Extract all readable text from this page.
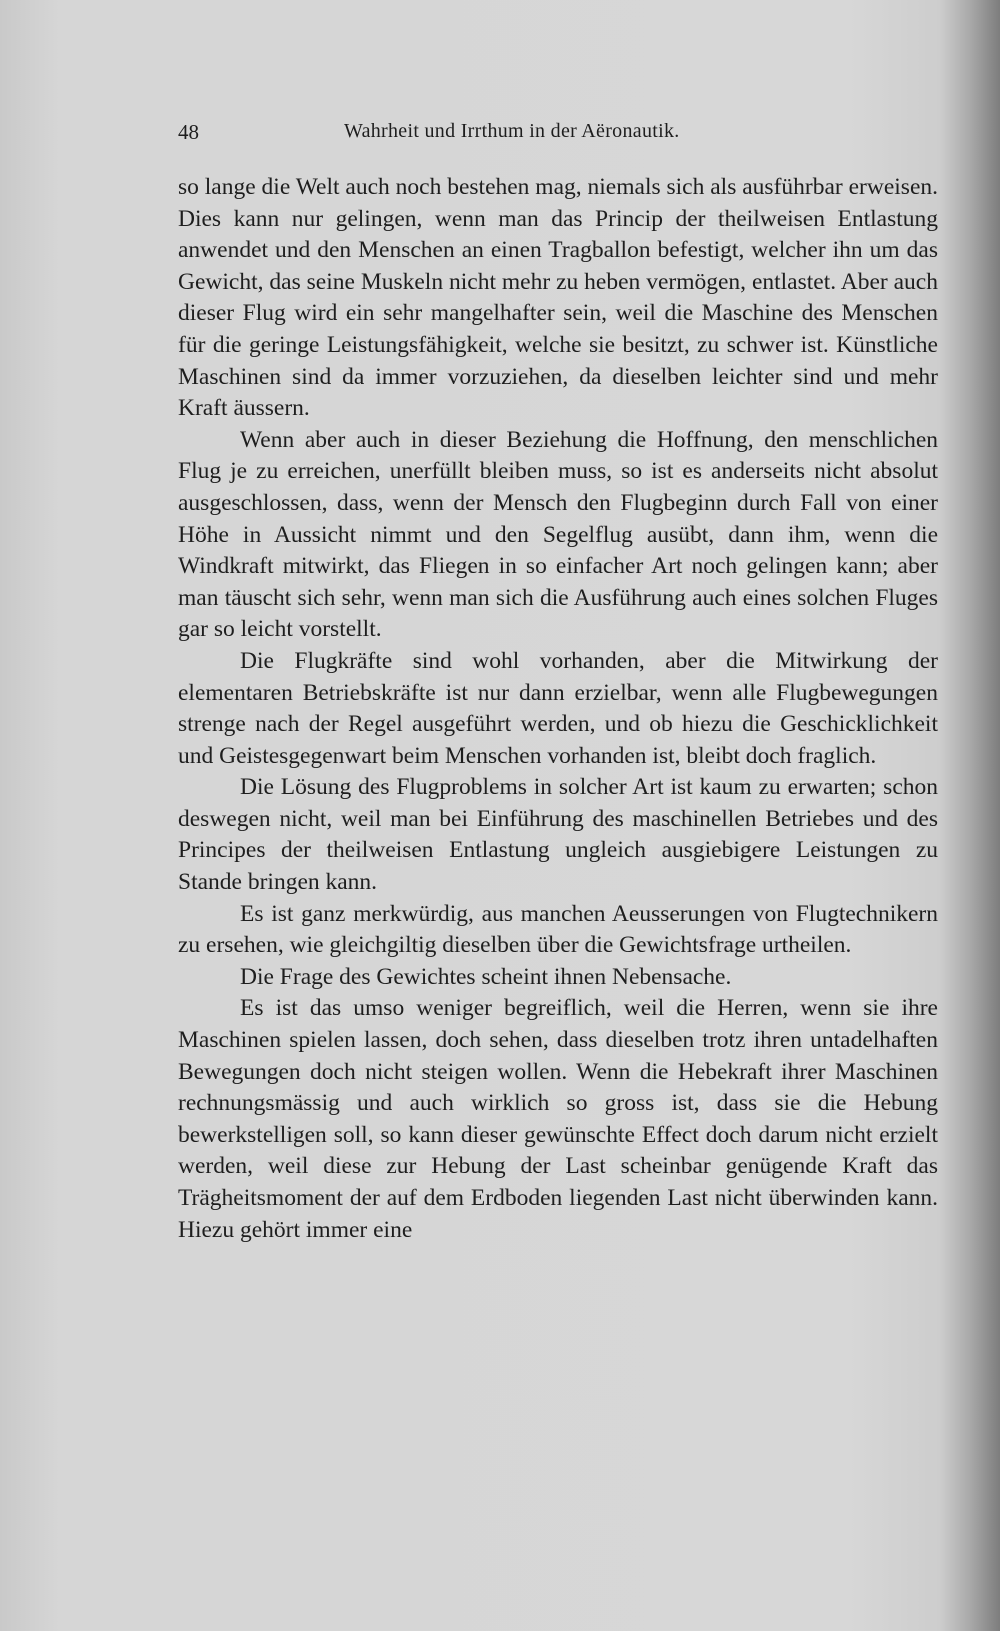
48	Wahrheit und Irrthum in der Aëronautik.

so lange die Welt auch noch bestehen mag, niemals sich als ausführbar erweisen. Dies kann nur gelingen, wenn man das Princip der theilweisen Entlastung anwendet und den Menschen an einen Tragballon befestigt, welcher ihn um das Gewicht, das seine Muskeln nicht mehr zu heben vermögen, entlastet. Aber auch dieser Flug wird ein sehr mangelhafter sein, weil die Maschine des Menschen für die geringe Leistungsfähigkeit, welche sie besitzt, zu schwer ist. Künstliche Maschinen sind da immer vorzuziehen, da dieselben leichter sind und mehr Kraft äussern.

Wenn aber auch in dieser Beziehung die Hoffnung, den menschlichen Flug je zu erreichen, unerfüllt bleiben muss, so ist es anderseits nicht absolut ausgeschlossen, dass, wenn der Mensch den Flugbeginn durch Fall von einer Höhe in Aussicht nimmt und den Segelflug ausübt, dann ihm, wenn die Windkraft mitwirkt, das Fliegen in so einfacher Art noch gelingen kann; aber man täuscht sich sehr, wenn man sich die Ausführung auch eines solchen Fluges gar so leicht vorstellt.

Die Flugkräfte sind wohl vorhanden, aber die Mitwirkung der elementaren Betriebskräfte ist nur dann erzielbar, wenn alle Flugbewegungen strenge nach der Regel ausgeführt werden, und ob hiezu die Geschicklichkeit und Geistesgegenwart beim Menschen vorhanden ist, bleibt doch fraglich.

Die Lösung des Flugproblems in solcher Art ist kaum zu erwarten; schon deswegen nicht, weil man bei Einführung des maschinellen Betriebes und des Principes der theilweisen Entlastung ungleich ausgiebigere Leistungen zu Stande bringen kann.

Es ist ganz merkwürdig, aus manchen Aeusserungen von Flugtechnikern zu ersehen, wie gleichgiltig dieselben über die Gewichtsfrage urtheilen.

Die Frage des Gewichtes scheint ihnen Nebensache.

Es ist das umso weniger begreiflich, weil die Herren, wenn sie ihre Maschinen spielen lassen, doch sehen, dass dieselben trotz ihren untadelhaften Bewegungen doch nicht steigen wollen. Wenn die Hebekraft ihrer Maschinen rechnungsmässig und auch wirklich so gross ist, dass sie die Hebung bewerkstelligen soll, so kann dieser gewünschte Effect doch darum nicht erzielt werden, weil diese zur Hebung der Last scheinbar genügende Kraft das Trägheitsmoment der auf dem Erdboden liegenden Last nicht überwinden kann. Hiezu gehört immer eine
